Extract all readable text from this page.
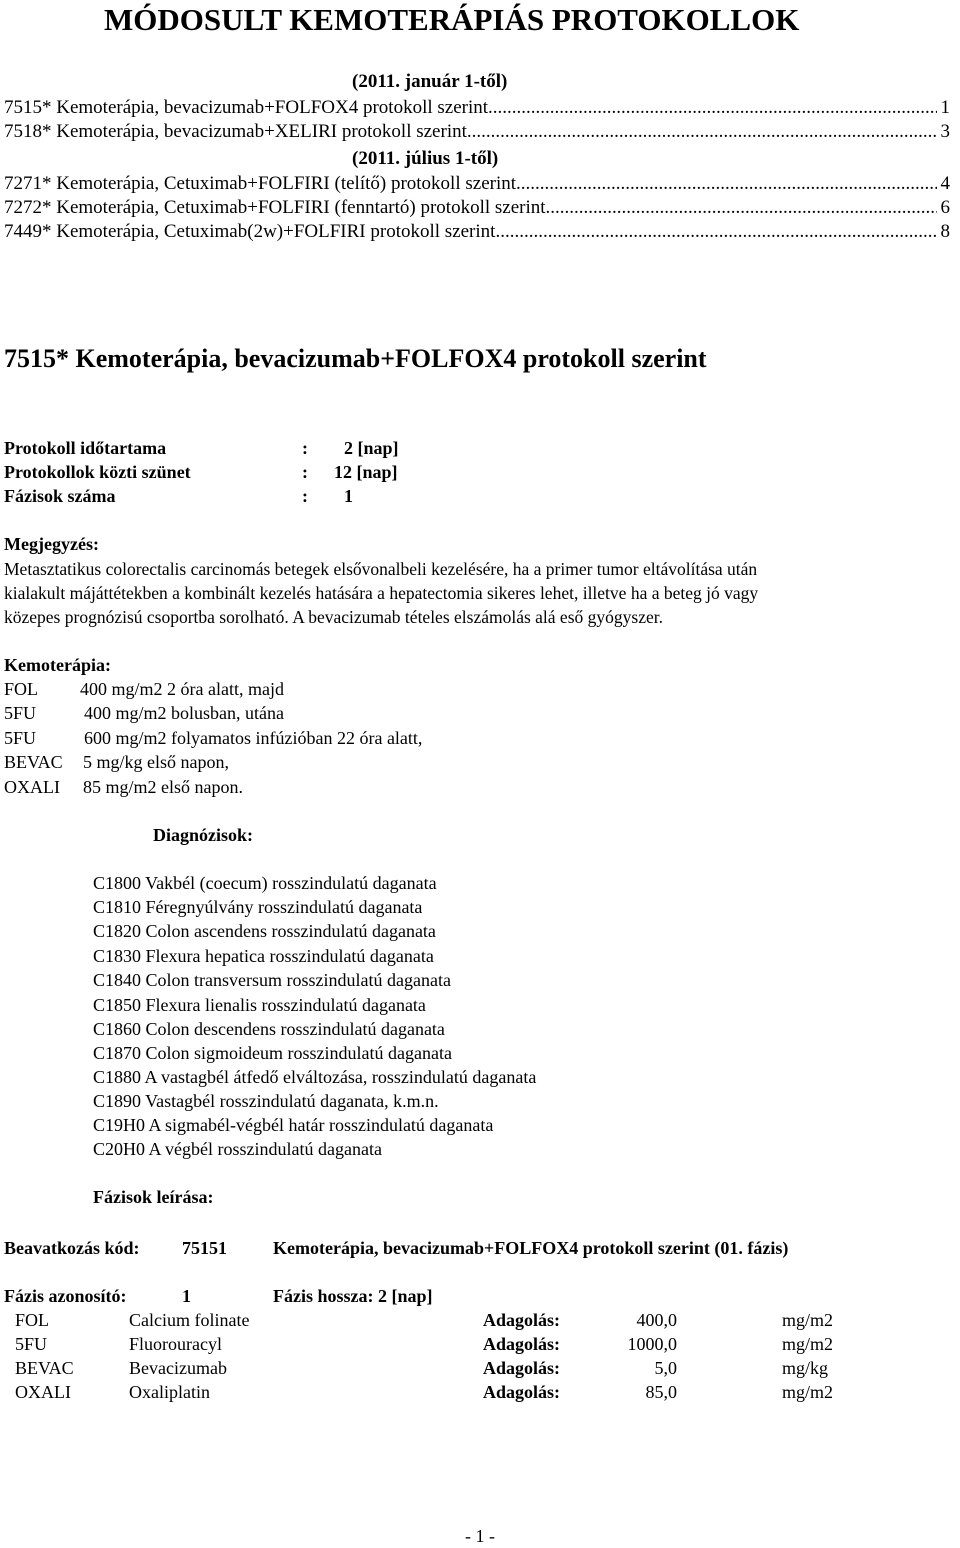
MÓDOSULT KEMOTERÁPIÁS PROTOKOLLOK
(2011. január 1-től)
7515* Kemoterápia, bevacizumab+FOLFOX4 protokoll szerint .....	1
7518* Kemoterápia, bevacizumab+XELIRI protokoll szerint .....	3
(2011. július 1-től)
7271* Kemoterápia, Cetuximab+FOLFIRI (telítő) protokoll szerint .....	4
7272* Kemoterápia, Cetuximab+FOLFIRI (fenntartó) protokoll szerint .....	6
7449* Kemoterápia, Cetuximab(2w)+FOLFIRI protokoll szerint .....	8
7515* Kemoterápia, bevacizumab+FOLFOX4 protokoll szerint
Protokoll időtartama	: 2 [nap]
Protokollok közti szünet	: 12 [nap]
Fázisok száma	: 1
Megjegyzés:
Metasztatikus colorectalis carcinomás betegek elsővonalbeli kezelésére, ha a primer tumor eltávolítása után
kialakult májáttétekben a kombinált kezelés hatására a hepatectomia sikeres lehet, illetve ha a beteg jó vagy
közepes prognózisú csoportba sorolható. A bevacizumab tételes elszámolás alá eső gyógyszer.
Kemoterápia:
FOL 400 mg/m2 2 óra alatt, majd
5FU	400 mg/m2 bolusban, utána
5FU	600 mg/m2 folyamatos infúzióban 22 óra alatt,
BEVAC 5 mg/kg első napon,
OXALI 85 mg/m2 első napon.
Diagnózisok:
C1800 Vakbél (coecum) rosszindulatú daganata
C1810 Féregnyúlvány rosszindulatú daganata
C1820 Colon ascendens rosszindulatú daganata
C1830 Flexura hepatica rosszindulatú daganata
C1840 Colon transversum rosszindulatú daganata
C1850 Flexura lienalis rosszindulatú daganata
C1860 Colon descendens rosszindulatú daganata
C1870 Colon sigmoideum rosszindulatú daganata
C1880 A vastagbél átfedő elváltozása, rosszindulatú daganata
C1890 Vastagbél rosszindulatú daganata, k.m.n.
C19H0 A sigmabél-végbél határ rosszindulatú daganata
C20H0 A végbél rosszindulatú daganata
Fázisok leírása:
Beavatkozás kód: 75151	Kemoterápia, bevacizumab+FOLFOX4 protokoll szerint (01. fázis)
Fázis azonosító:	1	Fázis hossza: 2 [nap]
FOL	Calcium folinate	Adagolás:	400,0	mg/m2
5FU	Fluorouracyl	Adagolás:	1000,0	mg/m2
BEVAC	Bevacizumab	Adagolás:	5,0	mg/kg
OXALI	Oxaliplatin	Adagolás:	85,0	mg/m2
- 1 -
